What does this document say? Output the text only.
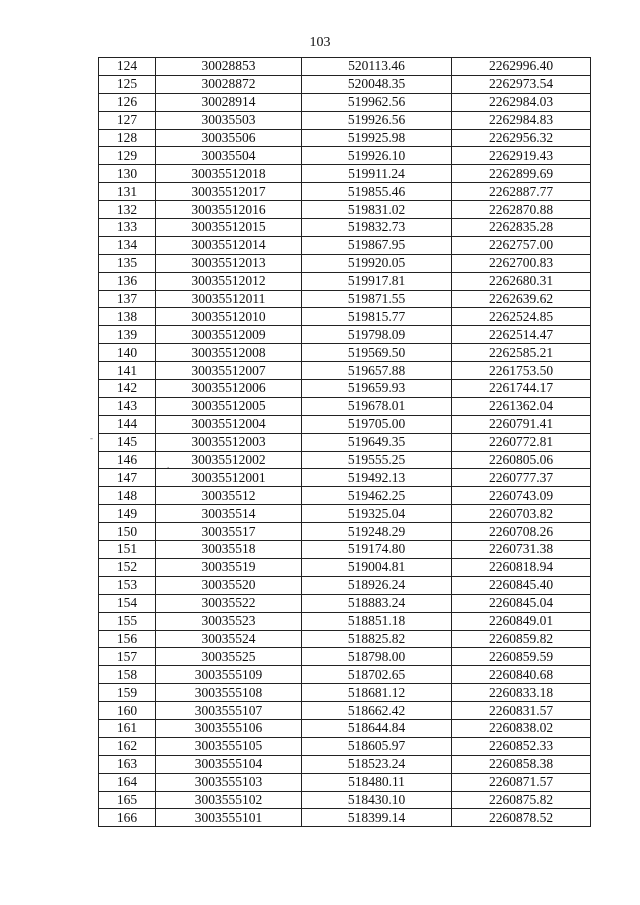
103
-
.
124	30028853	520113.46	2262996.40
125	30028872	520048.35	2262973.54
126	30028914	519962.56	2262984.03
127	30035503	519926.56	2262984.83
128	30035506	519925.98	2262956.32
129	30035504	519926.10	2262919.43
130	30035512018	519911.24	2262899.69
131	30035512017	519855.46	2262887.77
132	30035512016	519831.02	2262870.88
133	30035512015	519832.73	2262835.28
134	30035512014	519867.95	2262757.00
135	30035512013	519920.05	2262700.83
136	30035512012	519917.81	2262680.31
137	30035512011	519871.55	2262639.62
138	30035512010	519815.77	2262524.85
139	30035512009	519798.09	2262514.47
140	30035512008	519569.50	2262585.21
141	30035512007	519657.88	2261753.50
142	30035512006	519659.93	2261744.17
143	30035512005	519678.01	2261362.04
144	30035512004	519705.00	2260791.41
145	30035512003	519649.35	2260772.81
146	30035512002	519555.25	2260805.06
147	30035512001	519492.13	2260777.37
148	30035512	519462.25	2260743.09
149	30035514	519325.04	2260703.82
150	30035517	519248.29	2260708.26
151	30035518	519174.80	2260731.38
152	30035519	519004.81	2260818.94
153	30035520	518926.24	2260845.40
154	30035522	518883.24	2260845.04
155	30035523	518851.18	2260849.01
156	30035524	518825.82	2260859.82
157	30035525	518798.00	2260859.59
158	3003555109	518702.65	2260840.68
159	3003555108	518681.12	2260833.18
160	3003555107	518662.42	2260831.57
161	3003555106	518644.84	2260838.02
162	3003555105	518605.97	2260852.33
163	3003555104	518523.24	2260858.38
164	3003555103	518480.11	2260871.57
165	3003555102	518430.10	2260875.82
166	3003555101	518399.14	2260878.52
